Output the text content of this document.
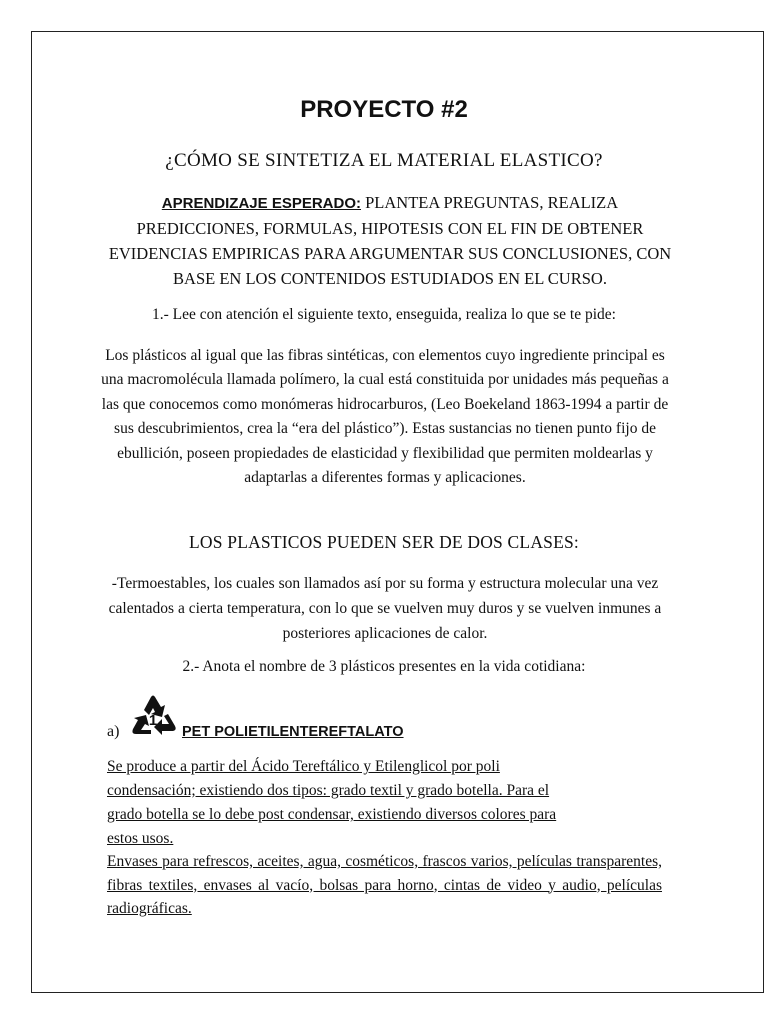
PROYECTO #2
¿CÓMO SE SINTETIZA EL MATERIAL ELASTICO?
APRENDIZAJE ESPERADO: PLANTEA PREGUNTAS, REALIZA PREDICCIONES, FORMULAS, HIPOTESIS CON EL FIN DE OBTENER EVIDENCIAS EMPIRICAS PARA ARGUMENTAR SUS CONCLUSIONES, CON BASE EN LOS CONTENIDOS ESTUDIADOS EN EL CURSO.
1.- Lee con atención el siguiente texto, enseguida, realiza lo que se te pide:
Los plásticos al igual que las fibras sintéticas, con elementos cuyo ingrediente principal es una macromolécula llamada polímero, la cual está constituida por unidades más pequeñas a las que conocemos como monómeras hidrocarburos, (Leo Boekeland 1863-1994 a partir de sus descubrimientos, crea la “era del plástico”). Estas sustancias no tienen punto fijo de ebullición, poseen propiedades de elasticidad y flexibilidad que permiten moldearlas y adaptarlas a diferentes formas y aplicaciones.
LOS PLASTICOS PUEDEN SER DE DOS CLASES:
-Termoestables, los cuales son llamados así por su forma y estructura molecular una vez calentados a cierta temperatura, con lo que se vuelven muy duros y se vuelven inmunes a posteriores aplicaciones de calor.
2.- Anota el nombre de 3 plásticos presentes en la vida cotidiana:
a)
1
PET POLIETILENTEREFTALATO
Se produce a partir del Ácido Tereftálico y Etilenglicol por poli
condensación; existiendo dos tipos: grado textil y grado botella. Para el
grado botella se lo debe post condensar, existiendo diversos colores para
estos usos.
Envases para refrescos, aceites, agua, cosméticos, frascos varios, películas transparentes, fibras textiles, envases al vacío, bolsas para horno, cintas de video y audio, películas radiográficas.
